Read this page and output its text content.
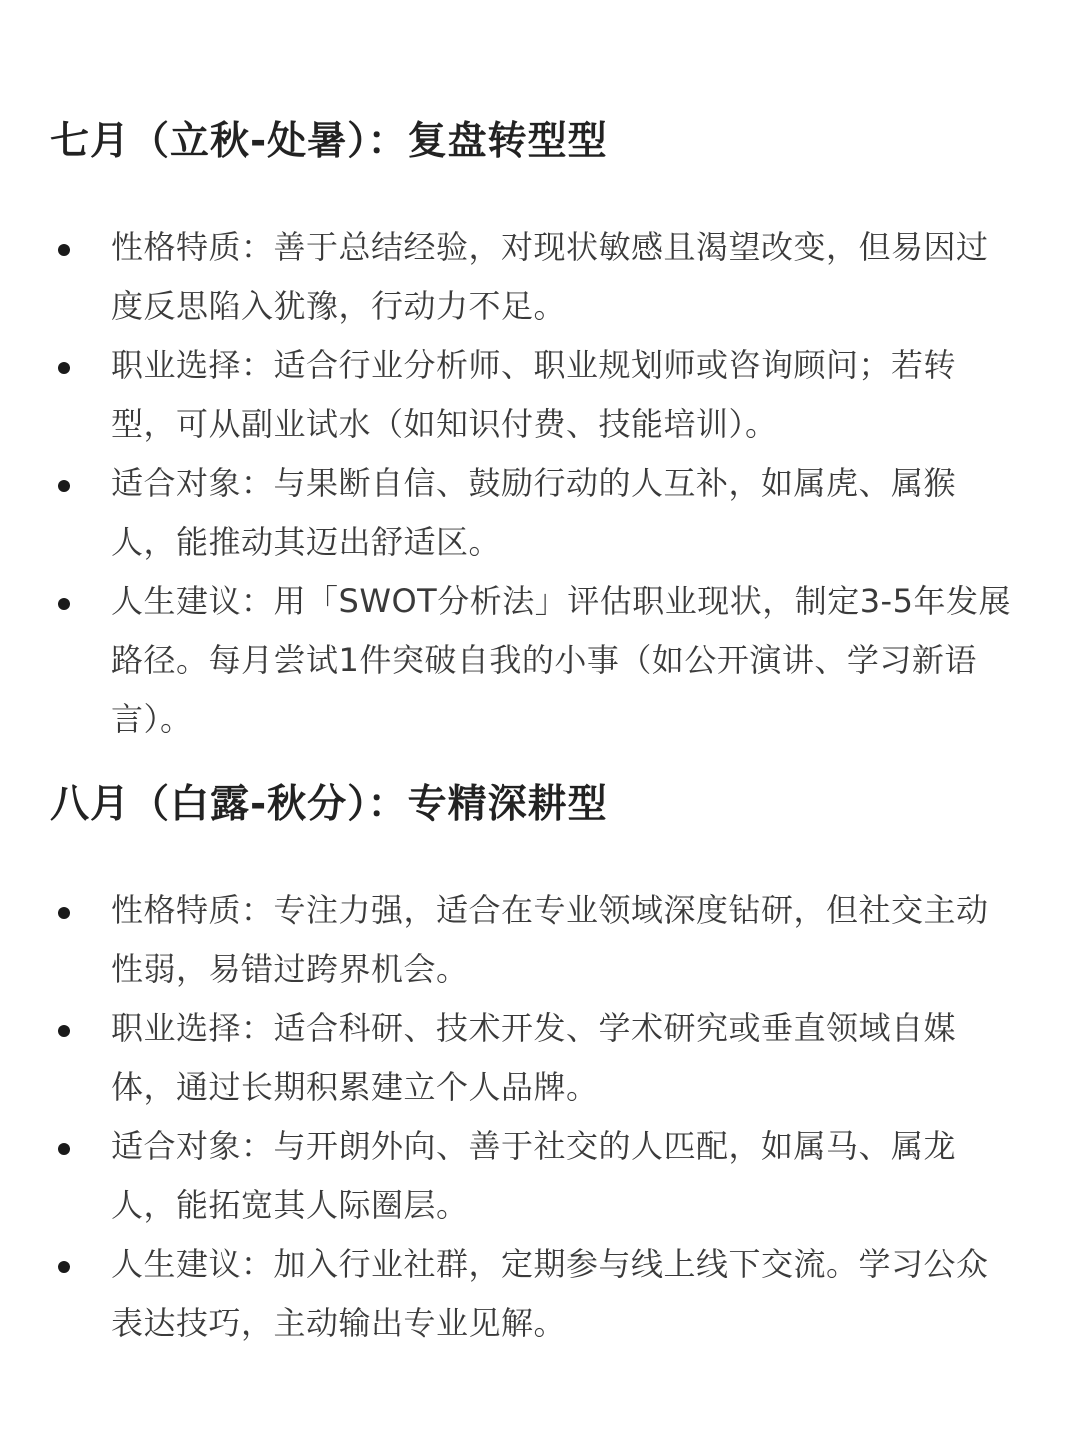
七月（立秋-处暑）：复盘转型型
性格特质：善于总结经验，对现状敏感且渴望改变，但易因过度反思陷入犹豫，行动力不足。
职业选择：适合行业分析师、职业规划师或咨询顾问；若转型，可从副业试水（如知识付费、技能培训）。
适合对象：与果断自信、鼓励行动的人互补，如属虎、属猴人，能推动其迈出舒适区。
人生建议：用「SWOT分析法」评估职业现状，制定3-5年发展路径。每月尝试1件突破自我的小事（如公开演讲、学习新语言）。
八月（白露-秋分）：专精深耕型
性格特质：专注力强，适合在专业领域深度钻研，但社交主动性弱，易错过跨界机会。
职业选择：适合科研、技术开发、学术研究或垂直领域自媒体，通过长期积累建立个人品牌。
适合对象：与开朗外向、善于社交的人匹配，如属马、属龙人，能拓宽其人际圈层。
人生建议：加入行业社群，定期参与线上线下交流。学习公众表达技巧，主动输出专业见解。
